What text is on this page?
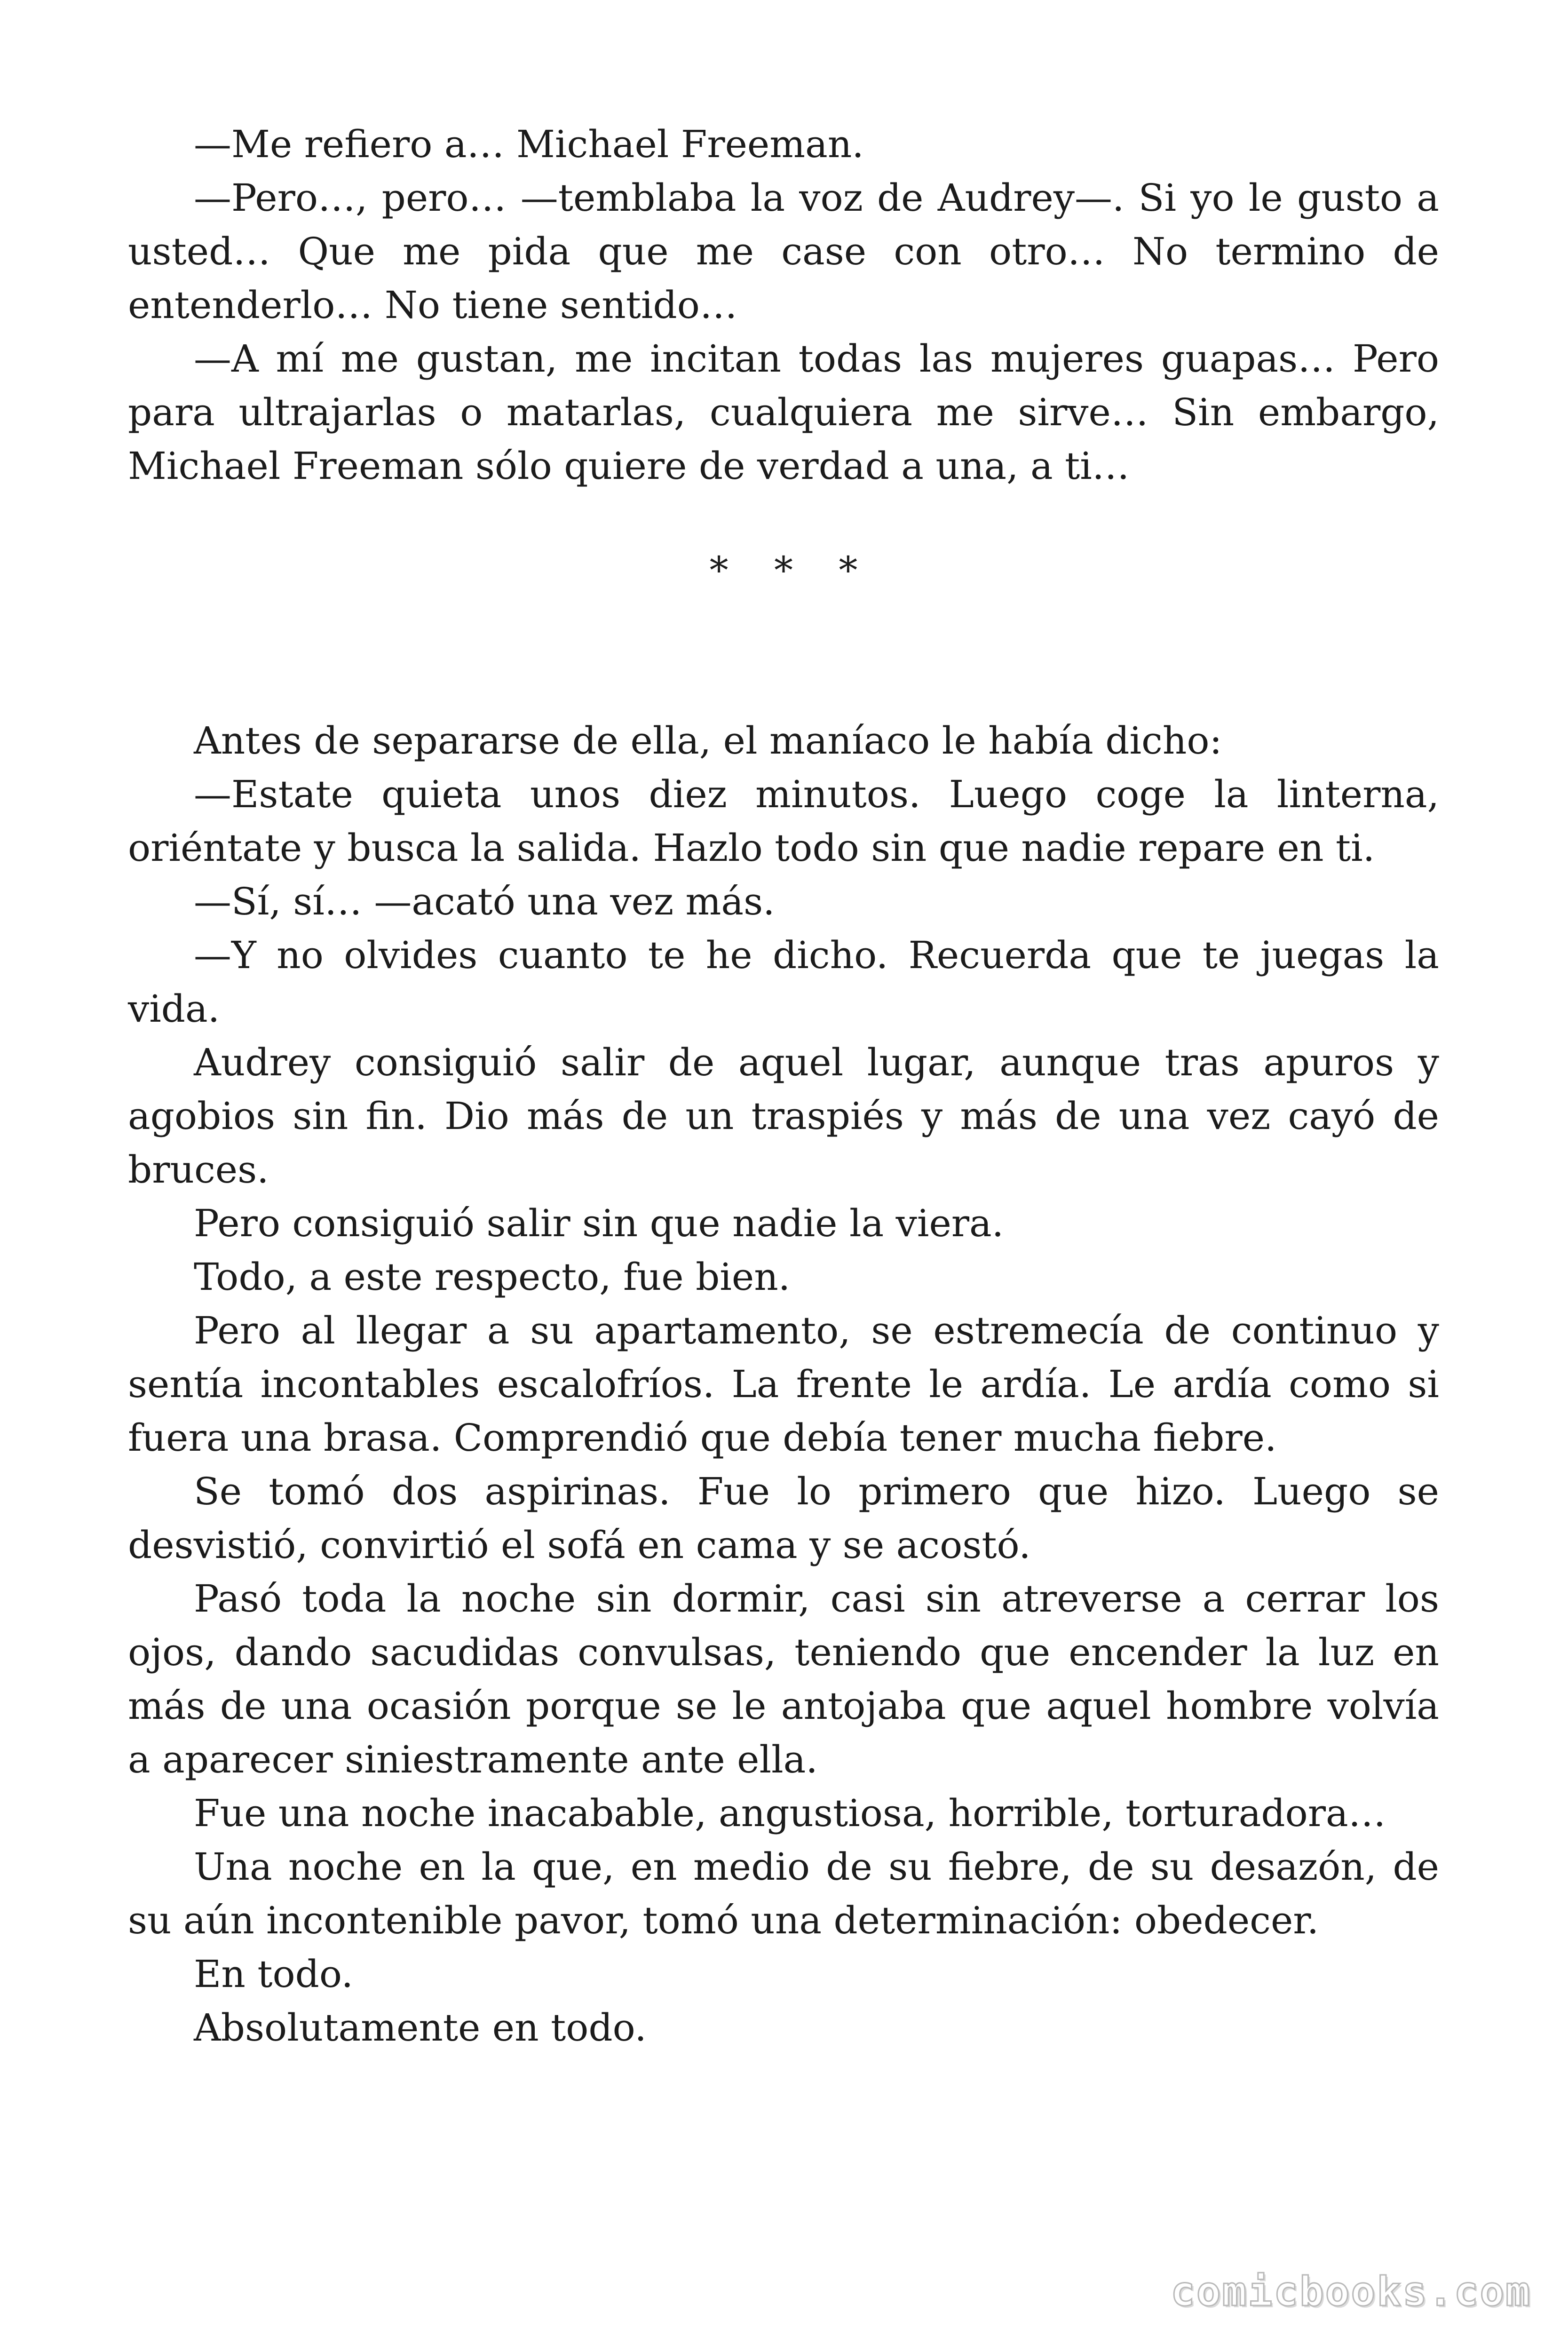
—Me refiero a… Michael Freeman.

—Pero…, pero… —temblaba la voz de Audrey—. Si yo le gusto a usted… Que me pida que me case con otro… No termino de entenderlo… No tiene sentido…

—A mí me gustan, me incitan todas las mujeres guapas… Pero para ultrajarlas o matarlas, cualquiera me sirve… Sin embargo, Michael Freeman sólo quiere de verdad a una, a ti…

* * *

Antes de separarse de ella, el maníaco le había dicho:

—Estate quieta unos diez minutos. Luego coge la linterna, oriéntate y busca la salida. Hazlo todo sin que nadie repare en ti.

—Sí, sí… —acató una vez más.

—Y no olvides cuanto te he dicho. Recuerda que te juegas la vida.

Audrey consiguió salir de aquel lugar, aunque tras apuros y agobios sin fin. Dio más de un traspiés y más de una vez cayó de bruces.

Pero consiguió salir sin que nadie la viera.

Todo, a este respecto, fue bien.

Pero al llegar a su apartamento, se estremecía de continuo y sentía incontables escalofríos. La frente le ardía. Le ardía como si fuera una brasa. Comprendió que debía tener mucha fiebre.

Se tomó dos aspirinas. Fue lo primero que hizo. Luego se desvistió, convirtió el sofá en cama y se acostó.

Pasó toda la noche sin dormir, casi sin atreverse a cerrar los ojos, dando sacudidas convulsas, teniendo que encender la luz en más de una ocasión porque se le antojaba que aquel hombre volvía a aparecer siniestramente ante ella.

Fue una noche inacabable, angustiosa, horrible, torturadora…

Una noche en la que, en medio de su fiebre, de su desazón, de su aún incontenible pavor, tomó una determinación: obedecer.

En todo.

Absolutamente en todo.

comicbooks.com
